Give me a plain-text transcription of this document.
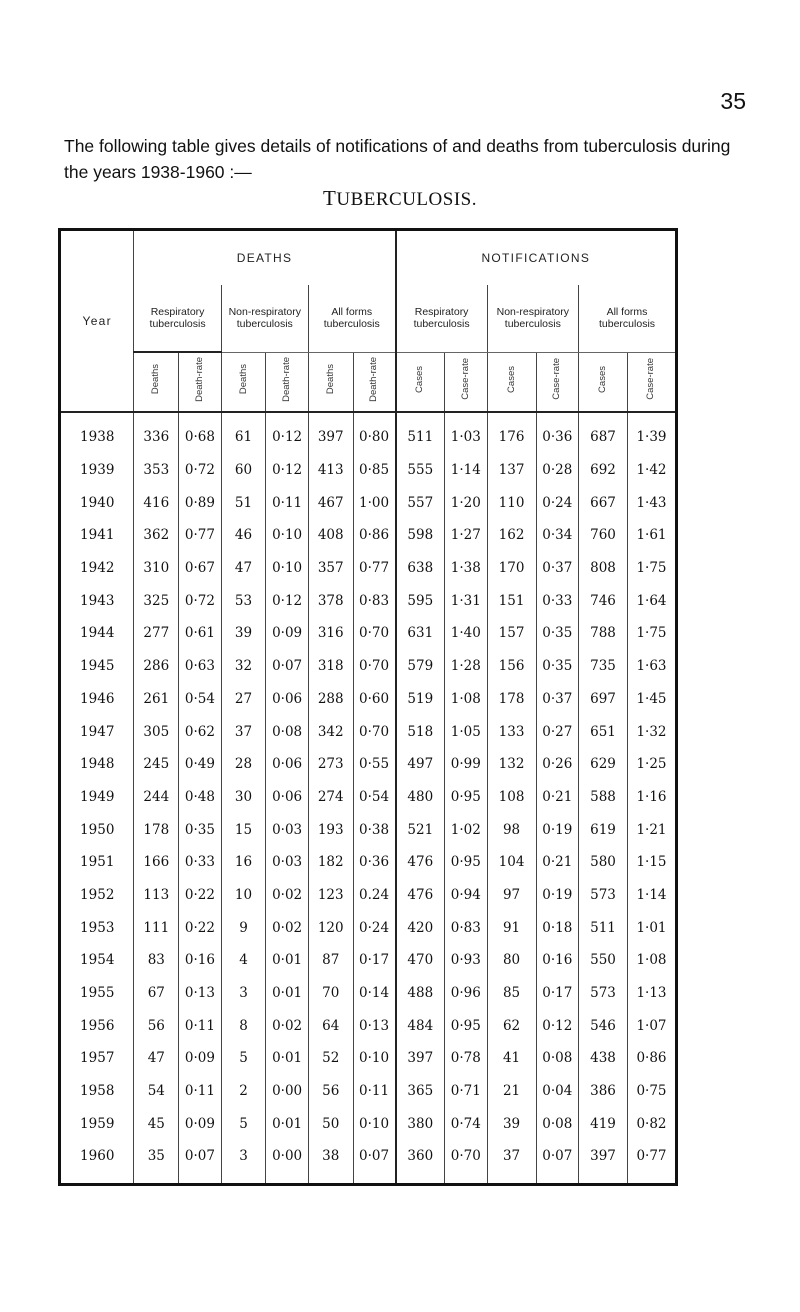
35
The following table gives details of notifications of and deaths from tuberculosis during the years 1938-1960 :—
TUBERCULOSIS.
Year	DEATHS						NOTIFICATIONS					
	Respiratory tuberculosis		Non-respiratory tuberculosis		All forms tuberculosis		Respiratory tuberculosis		Non-respiratory tuberculosis		All forms tuberculosis	
	Deaths	Death-rate	Deaths	Death-rate	Deaths	Death-rate	Cases	Case-rate	Cases	Case-rate	Cases	Case-rate
1938	336	0·68	61	0·12	397	0·80	511	1·03	176	0·36	687	1·39
1939	353	0·72	60	0·12	413	0·85	555	1·14	137	0·28	692	1·42
1940	416	0·89	51	0·11	467	1·00	557	1·20	110	0·24	667	1·43
1941	362	0·77	46	0·10	408	0·86	598	1·27	162	0·34	760	1·61
1942	310	0·67	47	0·10	357	0·77	638	1·38	170	0·37	808	1·75
1943	325	0·72	53	0·12	378	0·83	595	1·31	151	0·33	746	1·64
1944	277	0·61	39	0·09	316	0·70	631	1·40	157	0·35	788	1·75
1945	286	0·63	32	0·07	318	0·70	579	1·28	156	0·35	735	1·63
1946	261	0·54	27	0·06	288	0·60	519	1·08	178	0·37	697	1·45
1947	305	0·62	37	0·08	342	0·70	518	1·05	133	0·27	651	1·32
1948	245	0·49	28	0·06	273	0·55	497	0·99	132	0·26	629	1·25
1949	244	0·48	30	0·06	274	0·54	480	0·95	108	0·21	588	1·16
1950	178	0·35	15	0·03	193	0·38	521	1·02	98	0·19	619	1·21
1951	166	0·33	16	0·03	182	0·36	476	0·95	104	0·21	580	1·15
1952	113	0·22	10	0·02	123	0.24	476	0·94	97	0·19	573	1·14
1953	111	0·22	9	0·02	120	0·24	420	0·83	91	0·18	511	1·01
1954	83	0·16	4	0·01	87	0·17	470	0·93	80	0·16	550	1·08
1955	67	0·13	3	0·01	70	0·14	488	0·96	85	0·17	573	1·13
1956	56	0·11	8	0·02	64	0·13	484	0·95	62	0·12	546	1·07
1957	47	0·09	5	0·01	52	0·10	397	0·78	41	0·08	438	0·86
1958	54	0·11	2	0·00	56	0·11	365	0·71	21	0·04	386	0·75
1959	45	0·09	5	0·01	50	0·10	380	0·74	39	0·08	419	0·82
1960	35	0·07	3	0·00	38	0·07	360	0·70	37	0·07	397	0·77
